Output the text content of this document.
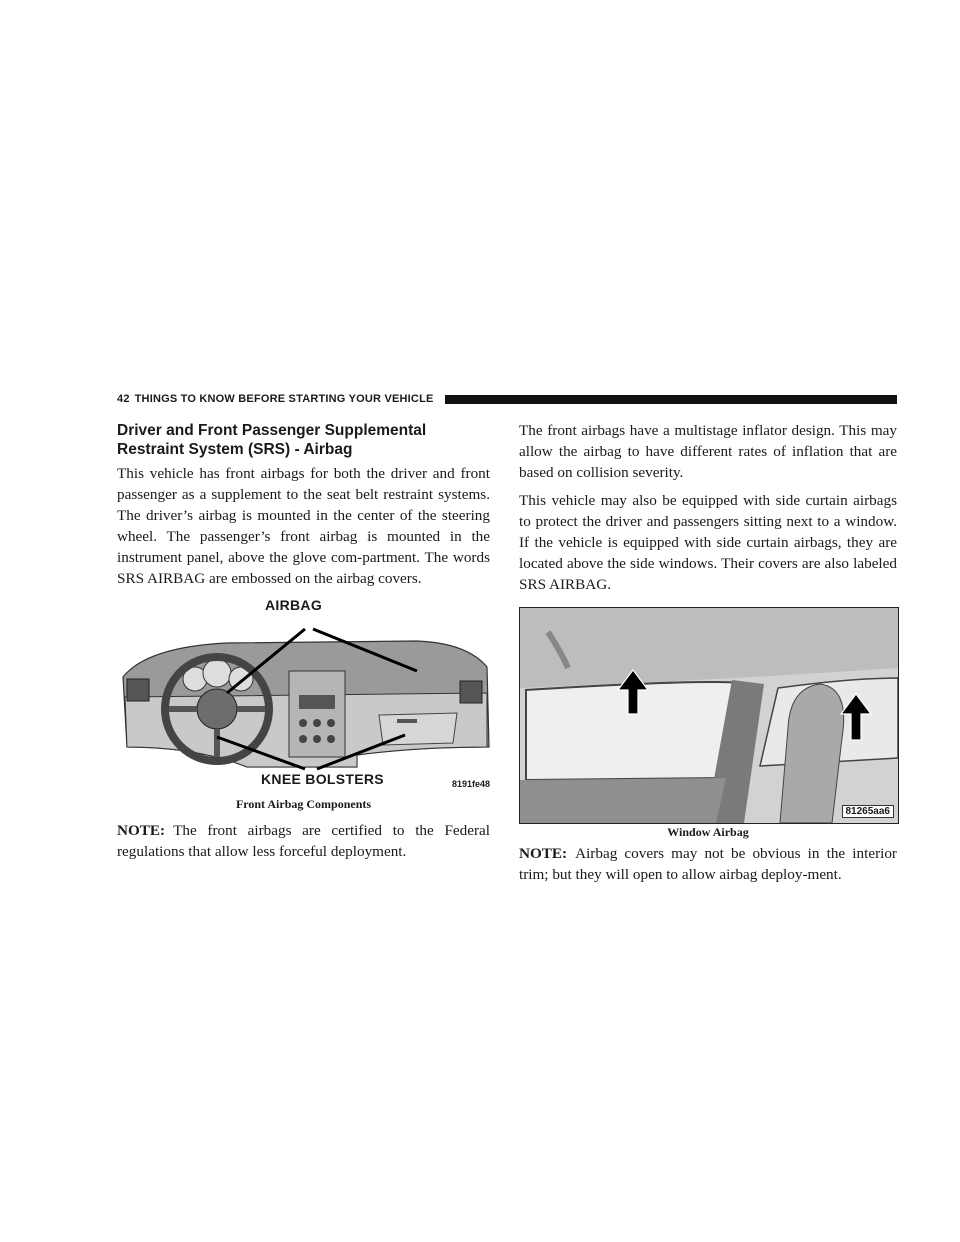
42 THINGS TO KNOW BEFORE STARTING YOUR VEHICLE
Driver and Front Passenger Supplemental
Restraint System (SRS) - Airbag

This vehicle has front airbags for both the driver and front passenger as a supplement to the seat belt restraint systems. The driver’s airbag is mounted in the center of the steering wheel. The passenger’s front airbag is mounted in the instrument panel, above the glove com-partment. The words SRS AIRBAG are embossed on the airbag covers.

AIRBAG
KNEE BOLSTERS	8191fe48
Front Airbag Components

NOTE: The front airbags are certified to the Federal regulations that allow less forceful deployment.

The front airbags have a multistage inflator design. This may allow the airbag to have different rates of inflation that are based on collision severity.

This vehicle may also be equipped with side curtain airbags to protect the driver and passengers sitting next to a window. If the vehicle is equipped with side curtain airbags, they are located above the side windows. Their covers are also labeled SRS AIRBAG.

81265aa6
Window Airbag

NOTE: Airbag covers may not be obvious in the interior trim; but they will open to allow airbag deploy-ment.
